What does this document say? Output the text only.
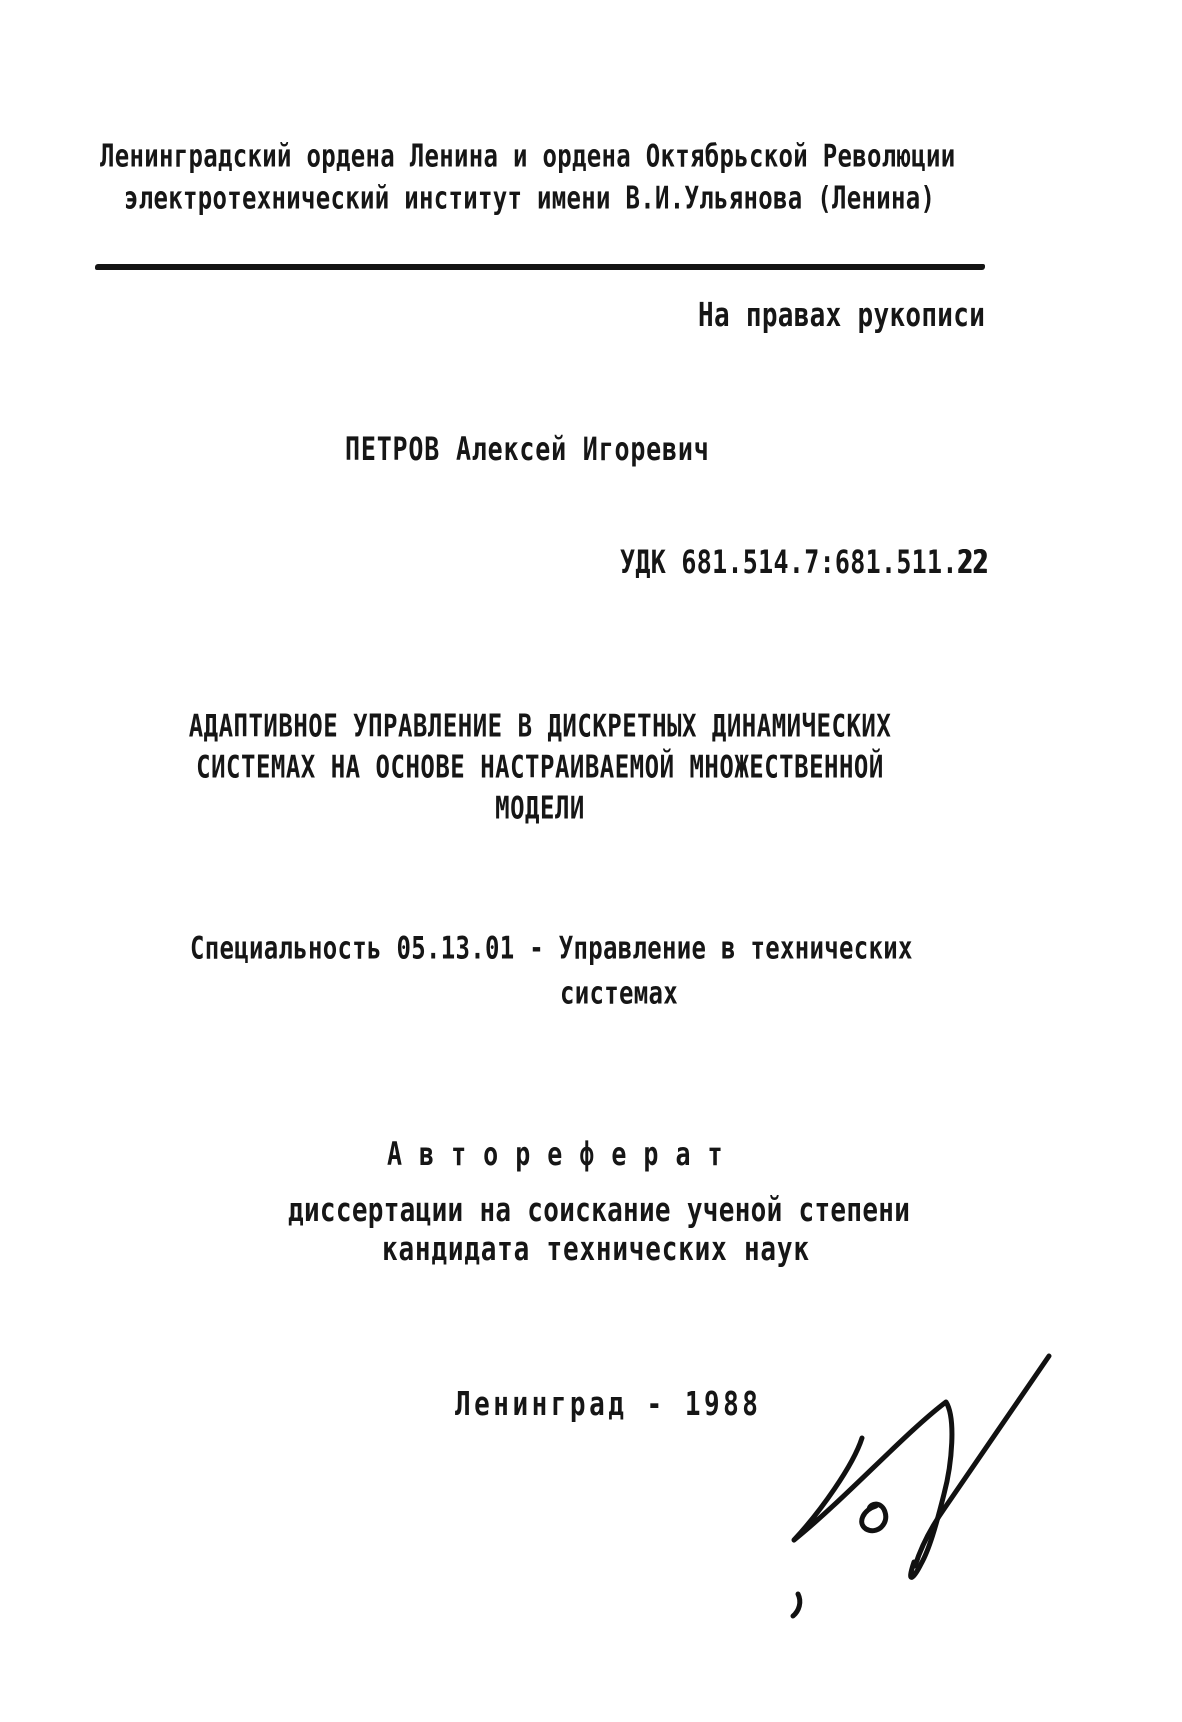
Ленинградский ордена Ленина и ордена Октябрьской Революции
электротехнический институт имени В.И.Ульянова (Ленина)
На правах рукописи
ПЕТРОВ Алексей Игоревич
УДК 681.514.7:681.511.22
АДАПТИВНОЕ УПРАВЛЕНИЕ В ДИСКРЕТНЫХ ДИНАМИЧЕСКИХ
СИСТЕМАХ НА ОСНОВЕ НАСТРАИВАЕМОЙ МНОЖЕСТВЕННОЙ
МОДЕЛИ
Специальность 05.13.01 - Управление в технических
системах
Автореферат
диссертации на соискание ученой степени
кандидата технических наук
Ленинград - 1988
